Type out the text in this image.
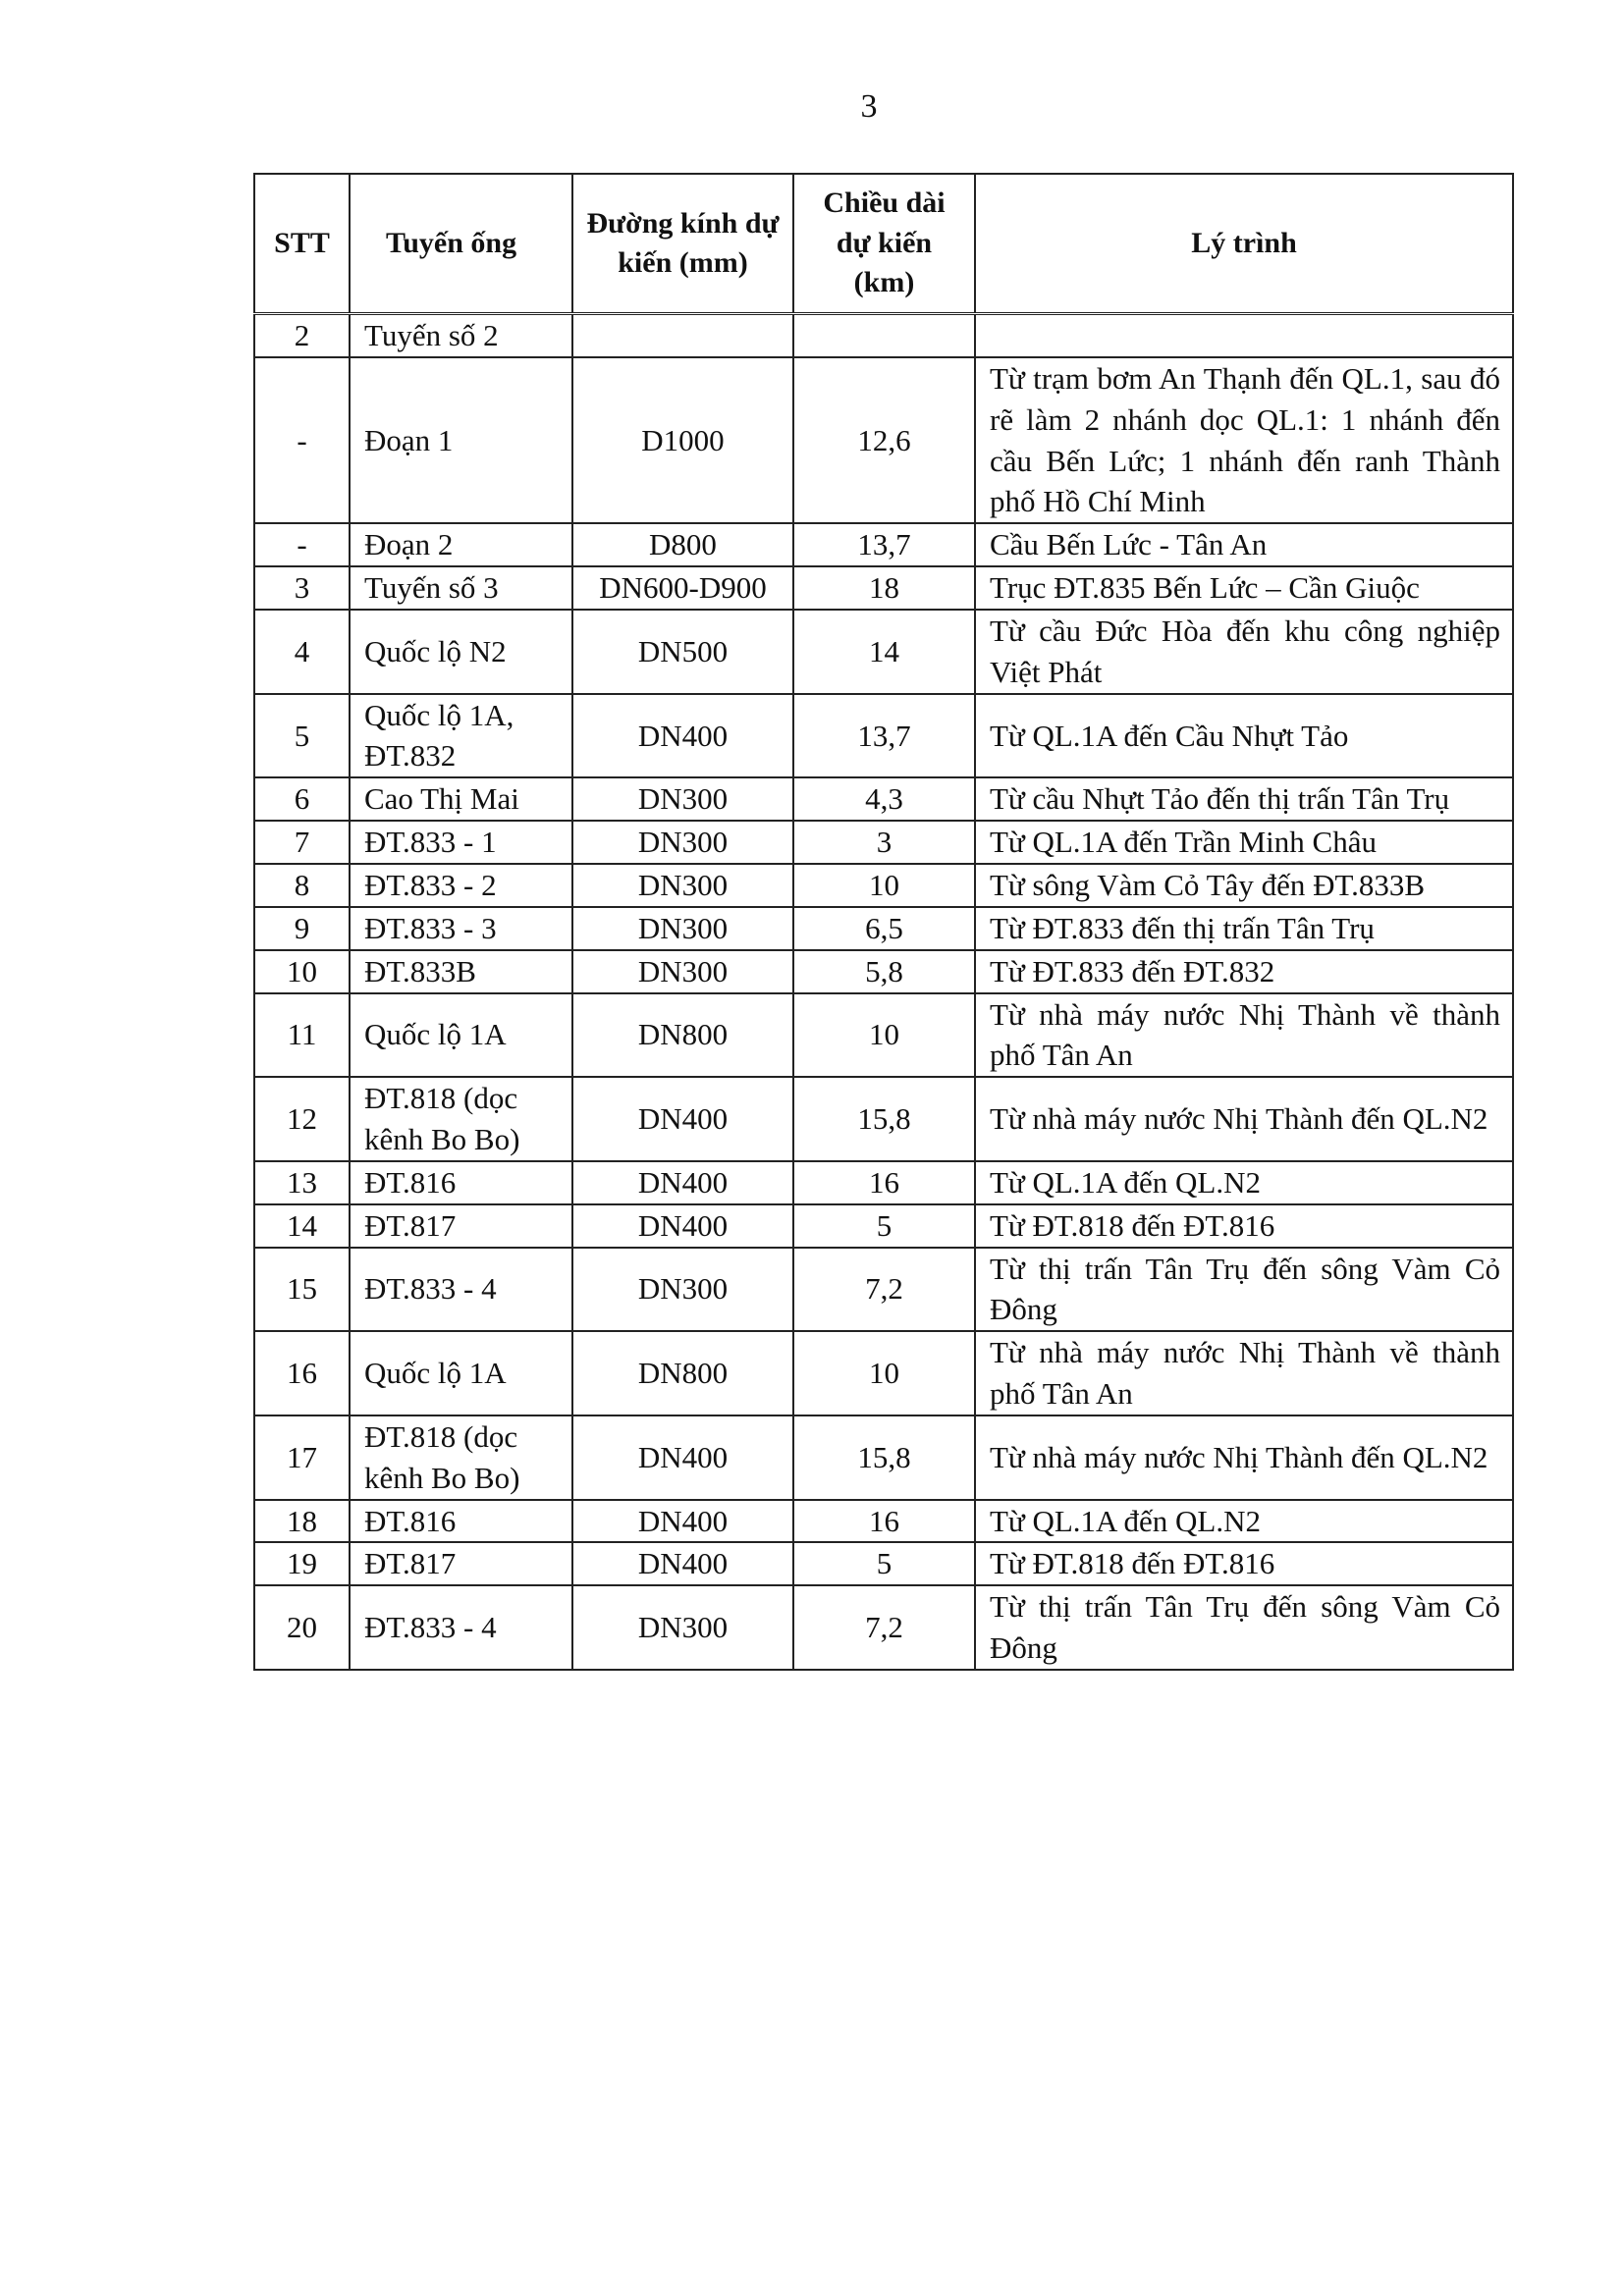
3
STT	Tuyến ống	Đường kính dự kiến (mm)	Chiều dài dự kiến (km)	Lý trình
2	Tuyến số 2			
-	Đoạn 1	D1000	12,6	Từ trạm bơm An Thạnh đến QL.1, sau đó rẽ làm 2 nhánh dọc QL.1: 1 nhánh đến cầu Bến Lức; 1 nhánh đến ranh Thành phố Hồ Chí Minh
-	Đoạn 2	D800	13,7	Cầu Bến Lức - Tân An
3	Tuyến số 3	DN600-D900	18	Trục ĐT.835 Bến Lức – Cần Giuộc
4	Quốc lộ N2	DN500	14	Từ cầu Đức Hòa đến khu công nghiệp Việt Phát
5	Quốc lộ 1A, ĐT.832	DN400	13,7	Từ QL.1A đến Cầu Nhựt Tảo
6	Cao Thị Mai	DN300	4,3	Từ cầu Nhựt Tảo đến thị trấn Tân Trụ
7	ĐT.833 - 1	DN300	3	Từ QL.1A đến Trần Minh Châu
8	ĐT.833 - 2	DN300	10	Từ sông Vàm Cỏ Tây đến ĐT.833B
9	ĐT.833 - 3	DN300	6,5	Từ ĐT.833 đến thị trấn Tân Trụ
10	ĐT.833B	DN300	5,8	Từ ĐT.833 đến ĐT.832
11	Quốc lộ 1A	DN800	10	Từ nhà máy nước Nhị Thành về thành phố Tân An
12	ĐT.818 (dọc kênh Bo Bo)	DN400	15,8	Từ nhà máy nước Nhị Thành đến QL.N2
13	ĐT.816	DN400	16	Từ QL.1A đến QL.N2
14	ĐT.817	DN400	5	Từ ĐT.818 đến ĐT.816
15	ĐT.833 - 4	DN300	7,2	Từ thị trấn Tân Trụ đến sông Vàm Cỏ Đông
16	Quốc lộ 1A	DN800	10	Từ nhà máy nước Nhị Thành về thành phố Tân An
17	ĐT.818 (dọc kênh Bo Bo)	DN400	15,8	Từ nhà máy nước Nhị Thành đến QL.N2
18	ĐT.816	DN400	16	Từ QL.1A đến QL.N2
19	ĐT.817	DN400	5	Từ ĐT.818 đến ĐT.816
20	ĐT.833 - 4	DN300	7,2	Từ thị trấn Tân Trụ đến sông Vàm Cỏ Đông
